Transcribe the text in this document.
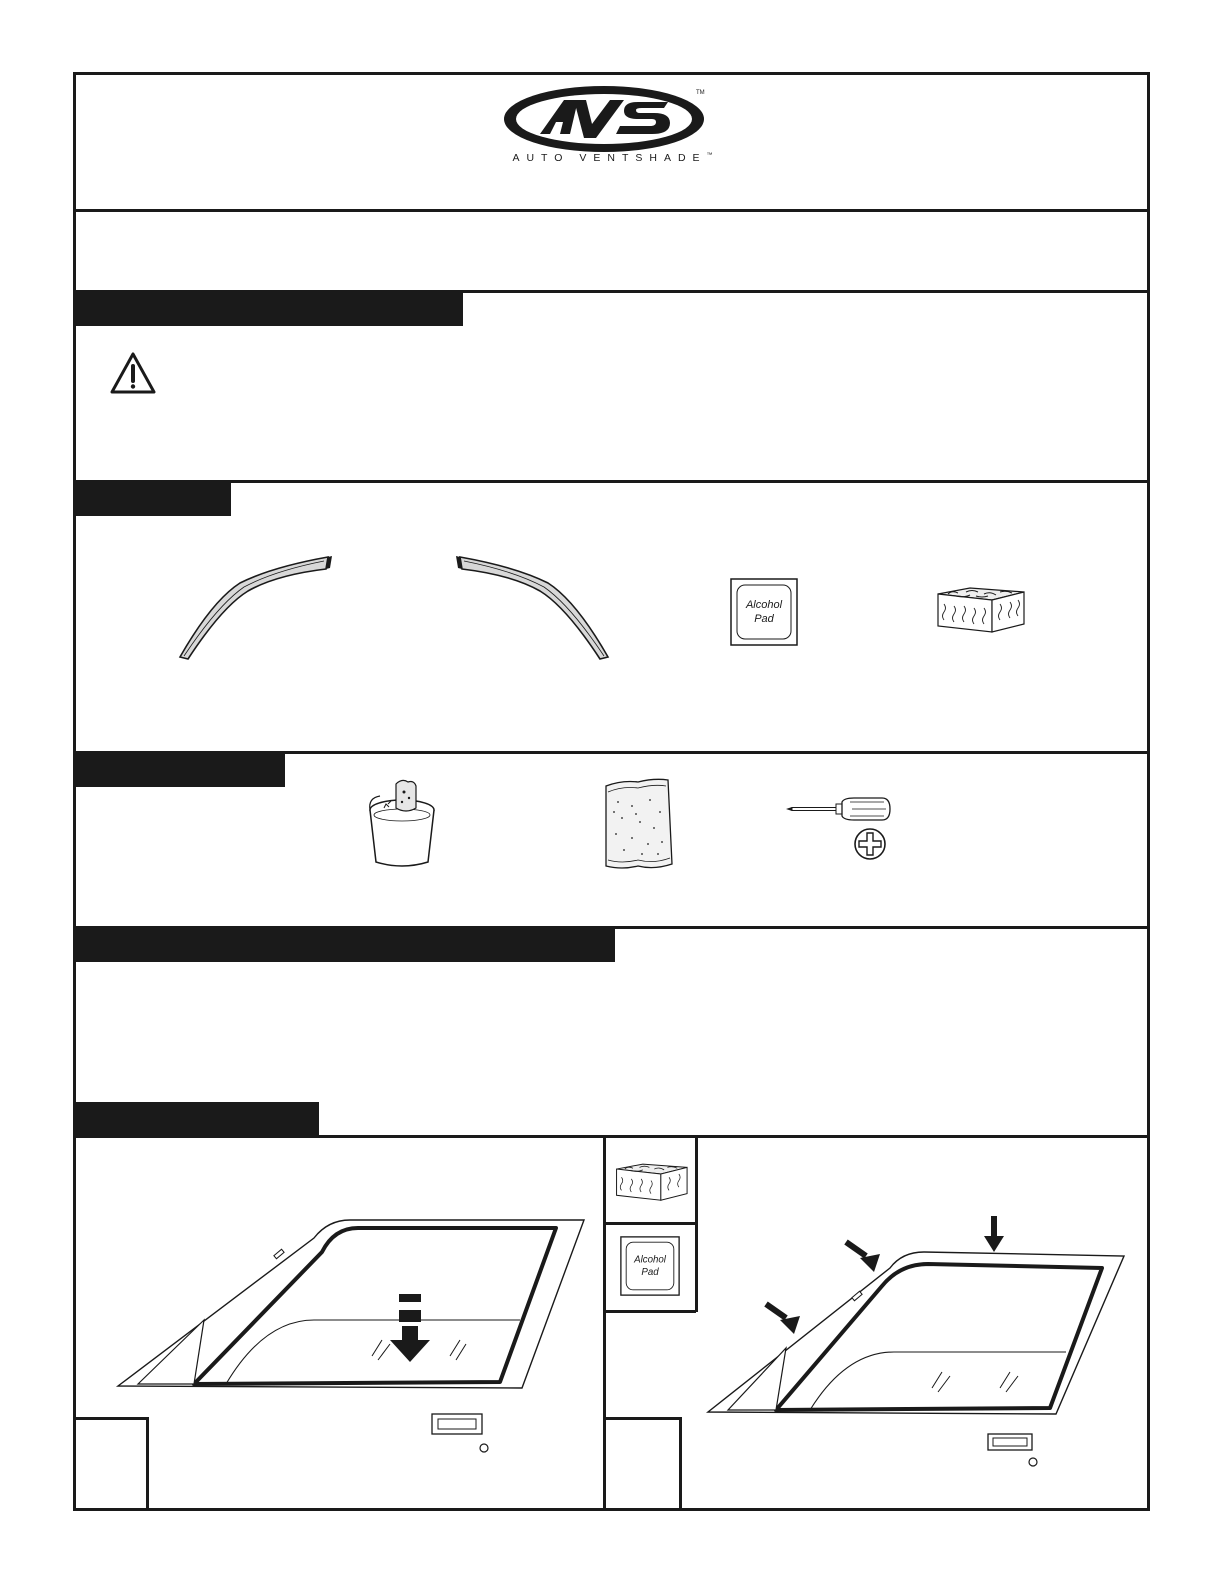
TM
AUTO VENTSHADE™
Alcohol
Pad
Alcohol
Pad
